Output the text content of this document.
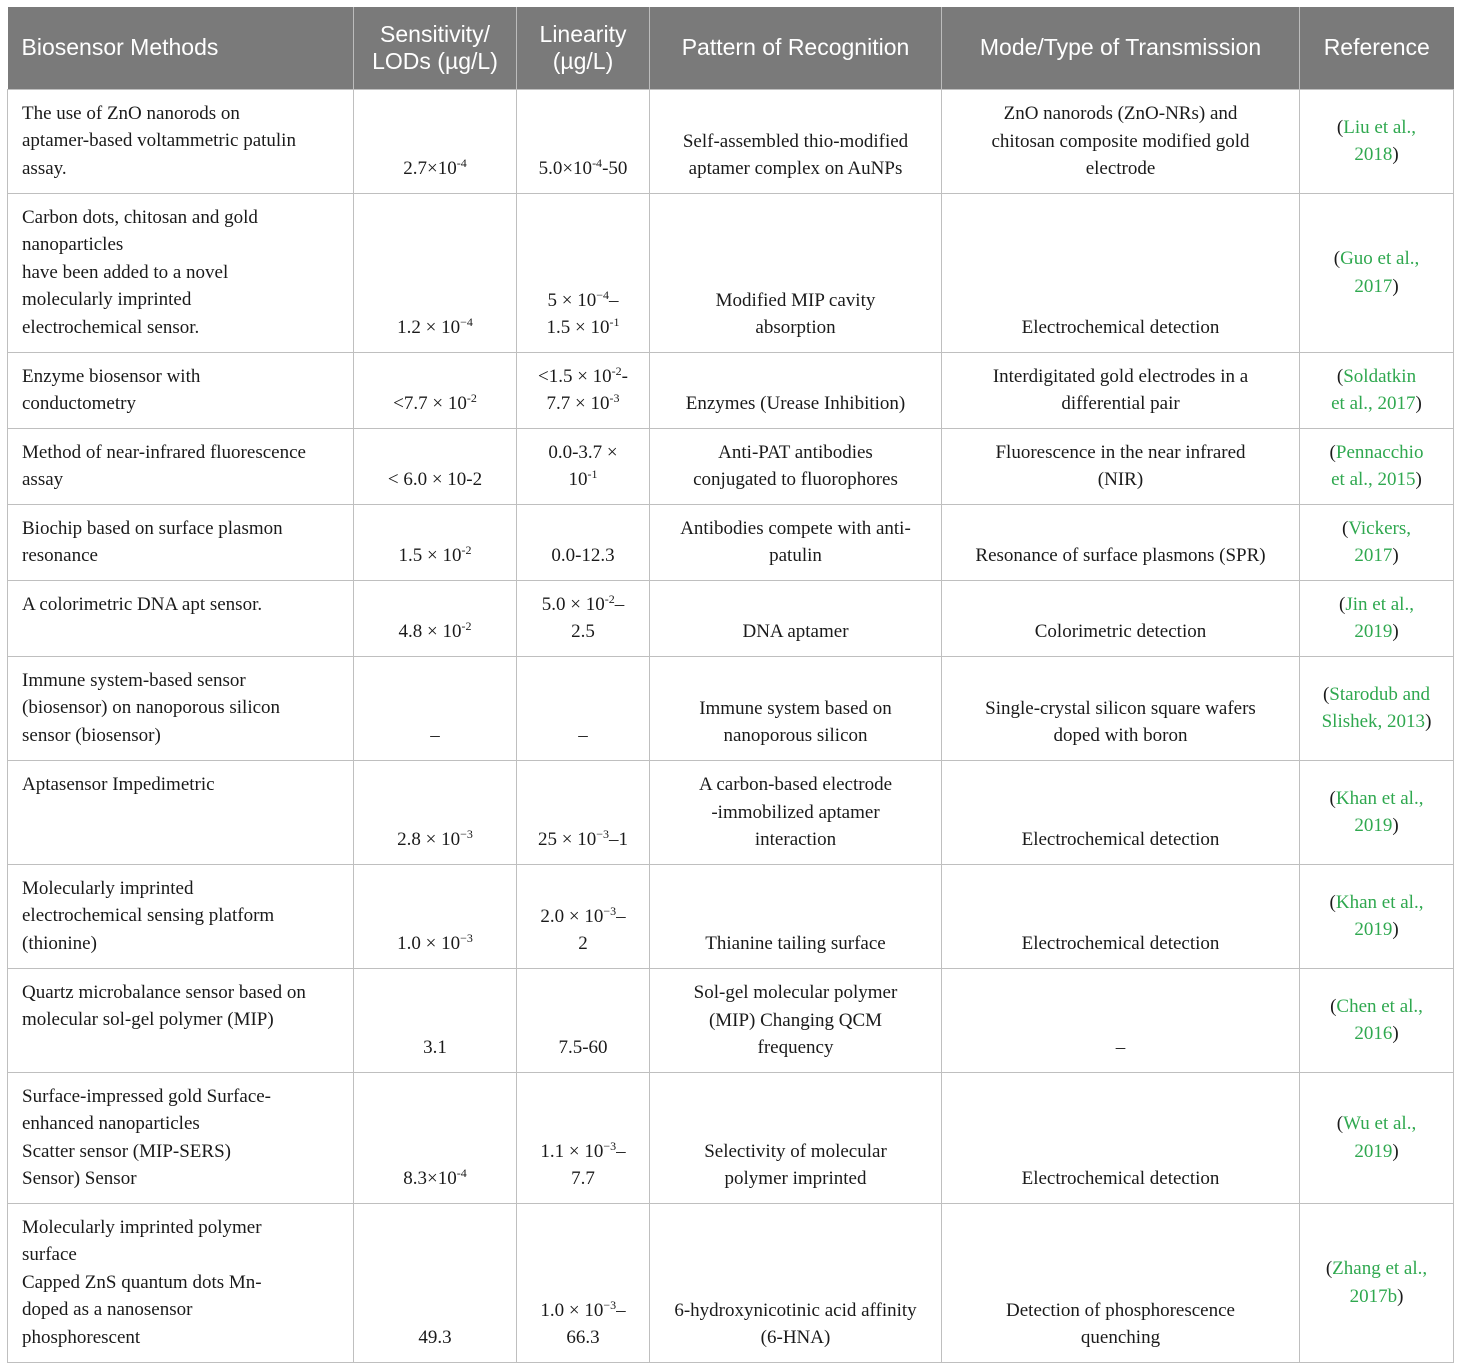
Biosensor Methods	Sensitivity/
LODs (µg/L)	Linearity
(µg/L)	Pattern of Recognition	Mode/Type of Transmission	Reference

The use of ZnO nanorods on
aptamer-based voltammetric patulin
assay.	$2.7\times 10^{-4}$	$5.0\times 10^{-4}-50$	Self-assembled thio-modified
aptamer complex on AuNPs	ZnO nanorods (ZnO-NRs) and
chitosan composite modified gold
electrode	(Liu et al.,
2018)

Carbon dots, chitosan and gold
nanoparticles
have been added to a novel
molecularly imprinted
electrochemical sensor.	$1.2 \times 10^{-4}$	$5 \times 10^{-4}-$
$1.5 \times 10^{-1}$	Modified MIP cavity
absorption	Electrochemical detection	(Guo et al.,
2017)

Enzyme biosensor with
conductometry	$<7.7 \times 10^{-2}$	$<1.5 \times 10^{-2}-$
$7.7 \times 10^{-3}$	Enzymes (Urease Inhibition)	Interdigitated gold electrodes in a
differential pair	(Soldatkin
et al., 2017)

Method of near-infrared fluorescence
assay	< 6.0 × 10-2	0.0-3.7 ×
$10^{-1}$	Anti-PAT antibodies
conjugated to fluorophores	Fluorescence in the near infrared
(NIR)	(Pennacchio
et al., 2015)

Biochip based on surface plasmon
resonance	$1.5 \times 10^{-2}$	0.0-12.3	Antibodies compete with anti-
patulin	Resonance of surface plasmons (SPR)	(Vickers,
2017)

A colorimetric DNA apt sensor.	$4.8 \times 10^{-2}$	$5.0 \times 10^{-2}-$
2.5	DNA aptamer	Colorimetric detection	(Jin et al.,
2019)

Immune system-based sensor
(biosensor) on nanoporous silicon
sensor (biosensor)	–	–	Immune system based on
nanoporous silicon	Single-crystal silicon square wafers
doped with boron	(Starodub and
Slishek, 2013)

Aptasensor Impedimetric	$2.8 \times 10^{-3}$	$25 \times 10^{-3}-1$	A carbon-based electrode
-immobilized aptamer
interaction	Electrochemical detection	(Khan et al.,
2019)

Molecularly imprinted
electrochemical sensing platform
(thionine)	$1.0 \times 10^{-3}$	$2.0 \times 10^{-3}-$
2	Thianine tailing surface	Electrochemical detection	(Khan et al.,
2019)

Quartz microbalance sensor based on
molecular sol-gel polymer (MIP)	3.1	7.5-60	Sol-gel molecular polymer
(MIP) Changing QCM
frequency	–	(Chen et al.,
2016)

Surface-impressed gold Surface-
enhanced nanoparticles
Scatter sensor (MIP-SERS)
Sensor) Sensor	$8.3\times 10^{-4}$	$1.1 \times 10^{-3}-$
7.7	Selectivity of molecular
polymer imprinted	Electrochemical detection	(Wu et al.,
2019)

Molecularly imprinted polymer
surface
Capped ZnS quantum dots Mn-
doped as a nanosensor
phosphorescent	49.3	$1.0 \times 10^{-3}-$
66.3	6-hydroxynicotinic acid affinity
(6-HNA)	Detection of phosphorescence
quenching	(Zhang et al.,
2017b)
